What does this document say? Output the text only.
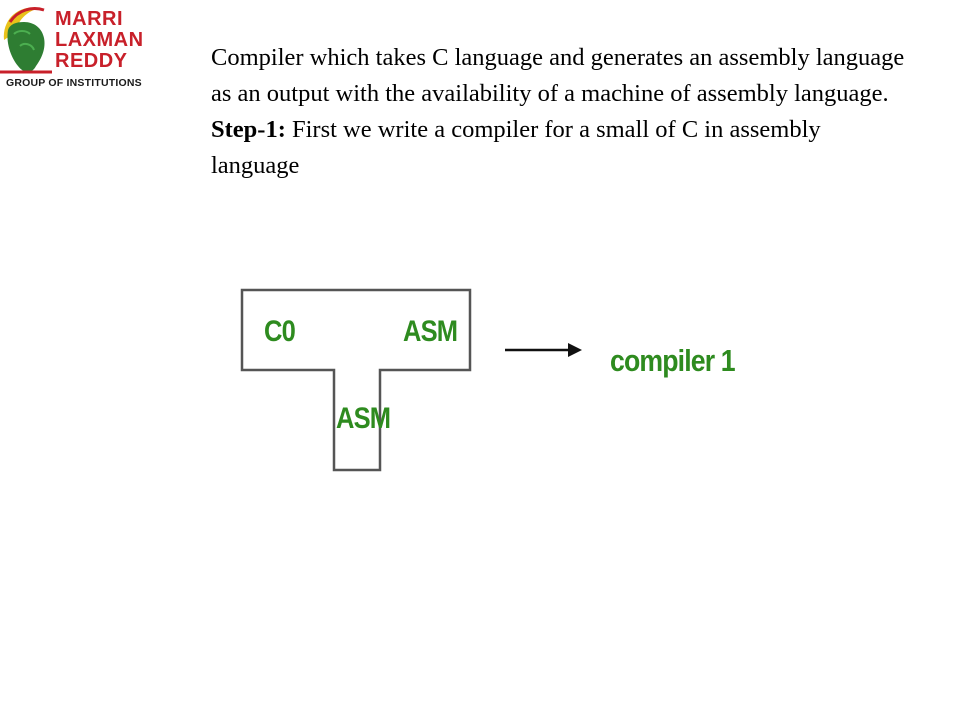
MARRI
LAXMAN
REDDY
GROUP OF INSTITUTIONS

Compiler which takes C language and generates an assembly language as an output with the availability of a machine of assembly language.

Step-1: First we write a compiler for a small of C in assembly language

C0	ASM
ASM
compiler 1
